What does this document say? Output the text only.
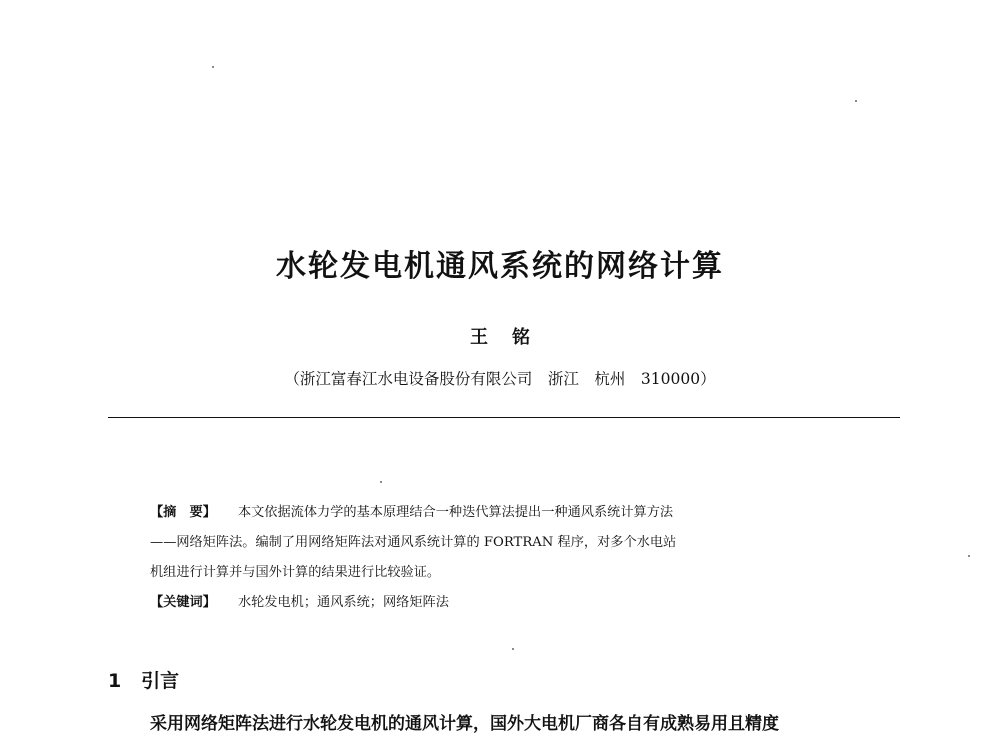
水轮发电机通风系统的网络计算
王铭
（浙江富春江水电设备股份有限公司　浙江　杭州　310000）
【摘　要】 本文依据流体力学的基本原理结合一种迭代算法提出一种通风系统计算方法
——网络矩阵法。编制了用网络矩阵法对通风系统计算的 FORTRAN 程序，对多个水电站
机组进行计算并与国外计算的结果进行比较验证。
【关键词】 水轮发电机；通风系统；网络矩阵法
1 引言
采用网络矩阵法进行水轮发电机的通风计算，国外大电机厂商各自有成熟易用且精度
